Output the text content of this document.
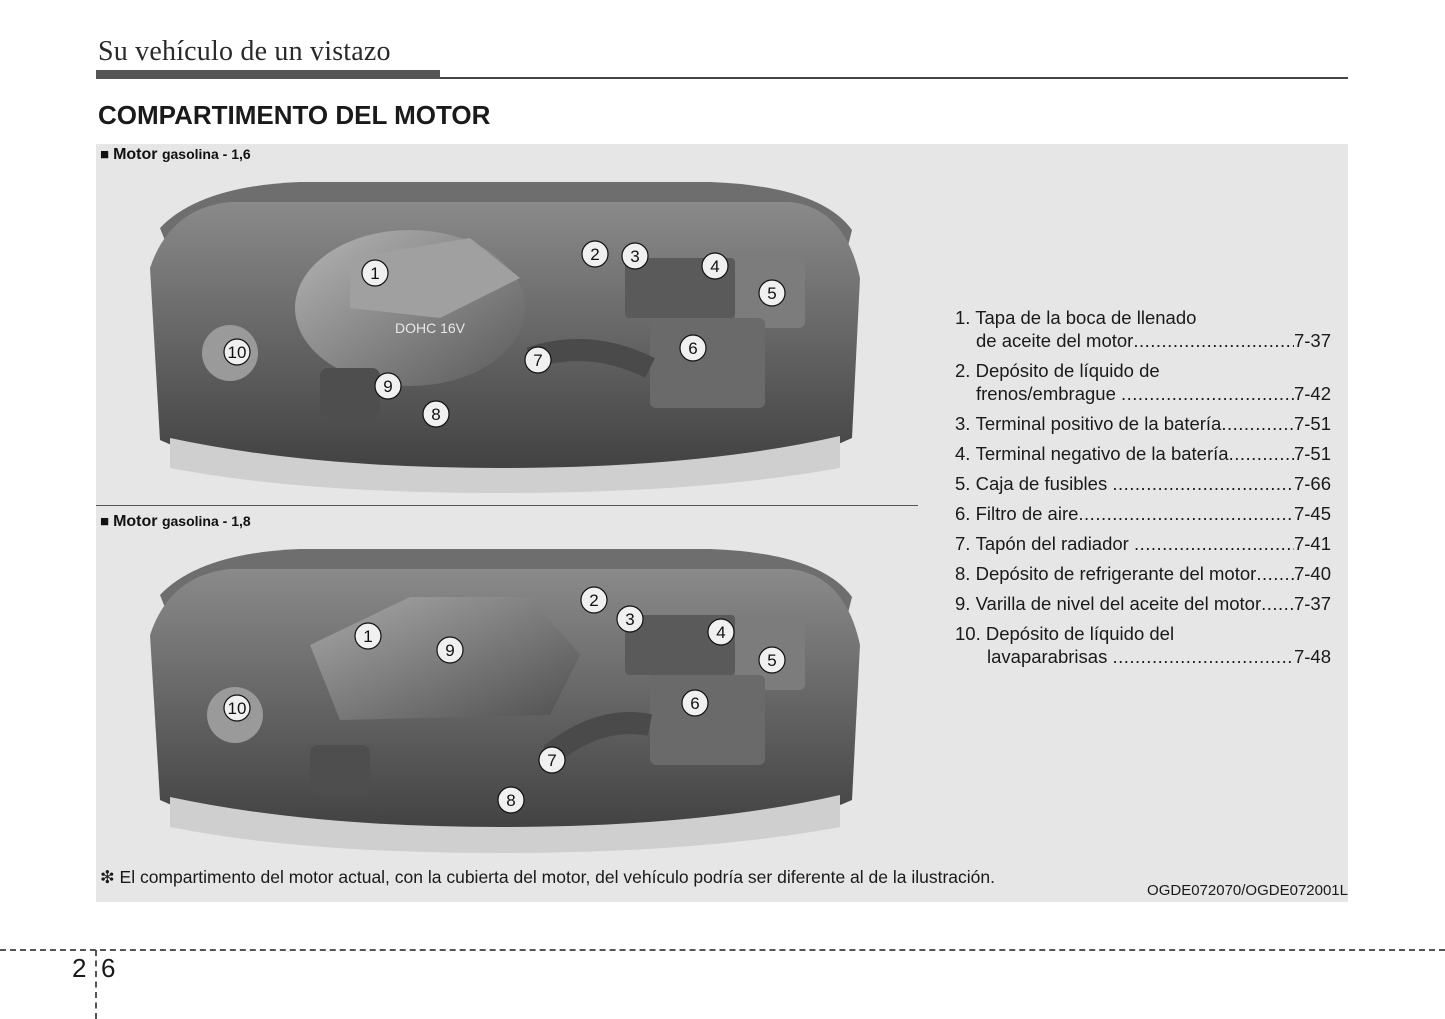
Su vehículo de un vistazo
COMPARTIMENTO DEL MOTOR
■ Motor gasolina - 1,6
DOHC 16V
1
2 3
4
5
6
7
8
9
10
■ Motor gasolina - 1,8
1
2
3
4
5
6
7
8
9
10
1. Tapa de la boca de llenado
de aceite del motor .....	7-37
2. Depósito de líquido de
frenos/embrague
.....	7-42
3.
Terminal positivo de la batería .....	7-51
4.
Terminal negativo de la batería .....	7-51
5.
Caja de fusibles
.....	7-66
6.
Filtro de aire .....	7-45
7.
Tapón del radiador
.....	7-41
8.
Depósito de refrigerante del motor ..... 7-40
9.
Varilla de nivel del aceite del motor ..... 7-37
10. Depósito de líquido del
lavaparabrisas
.....	7-48
❇ El compartimento del motor actual, con la cubierta del motor, del vehículo podría ser diferente al de la ilustración.
OGDE072070/OGDE072001L
2 6
